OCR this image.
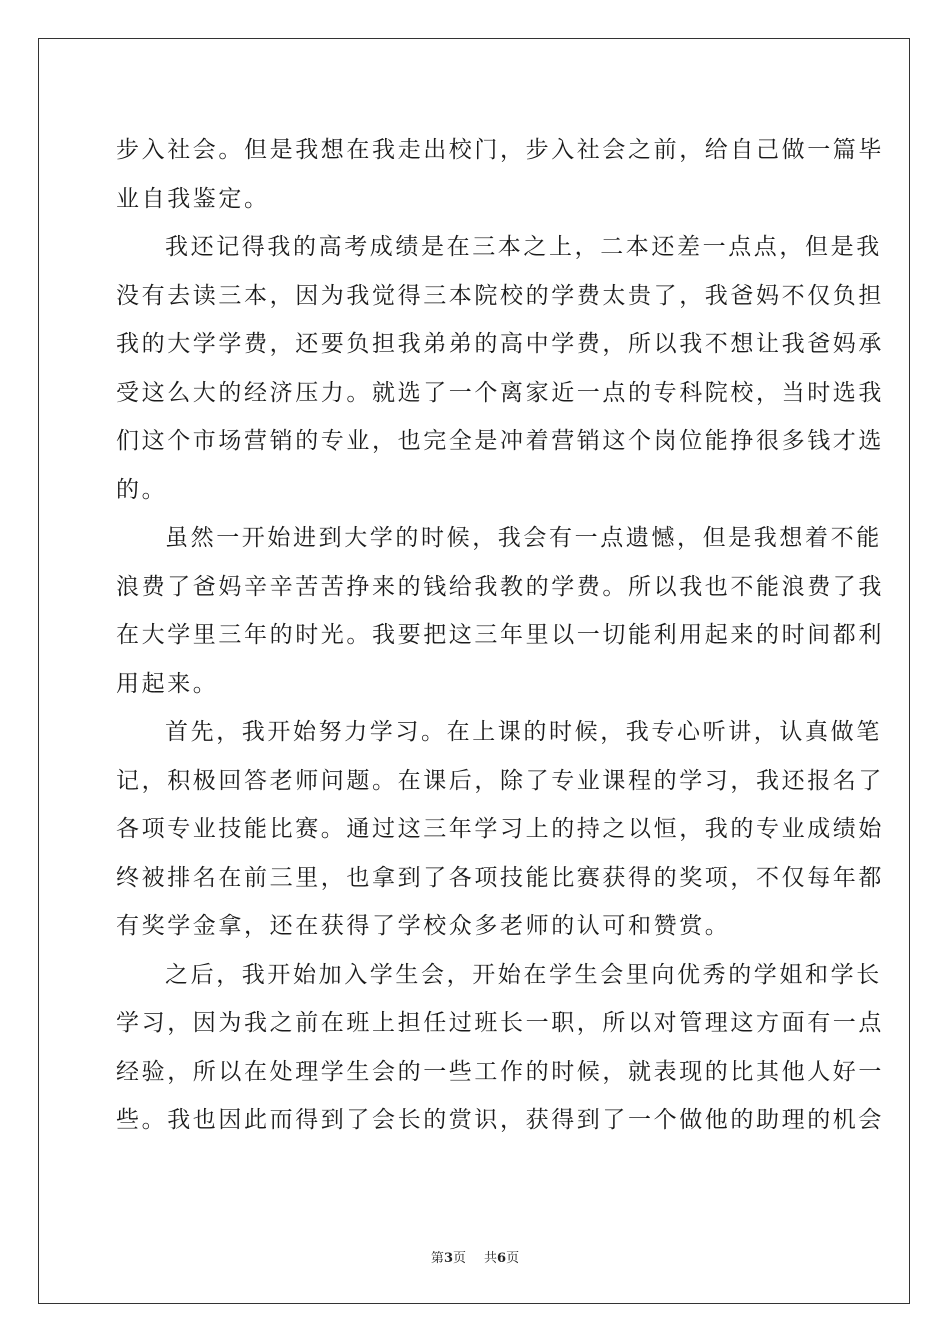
步入社会。但是我想在我走出校门，步入社会之前，给自己做一篇毕
业自我鉴定。
我还记得我的高考成绩是在三本之上，二本还差一点点，但是我
没有去读三本，因为我觉得三本院校的学费太贵了，我爸妈不仅负担
我的大学学费，还要负担我弟弟的高中学费，所以我不想让我爸妈承
受这么大的经济压力。就选了一个离家近一点的专科院校，当时选我
们这个市场营销的专业，也完全是冲着营销这个岗位能挣很多钱才选
的。
虽然一开始进到大学的时候，我会有一点遗憾，但是我想着不能
浪费了爸妈辛辛苦苦挣来的钱给我教的学费。所以我也不能浪费了我
在大学里三年的时光。我要把这三年里以一切能利用起来的时间都利
用起来。
首先，我开始努力学习。在上课的时候，我专心听讲，认真做笔
记，积极回答老师问题。在课后，除了专业课程的学习，我还报名了
各项专业技能比赛。通过这三年学习上的持之以恒，我的专业成绩始
终被排名在前三里，也拿到了各项技能比赛获得的奖项，不仅每年都
有奖学金拿，还在获得了学校众多老师的认可和赞赏。
之后，我开始加入学生会，开始在学生会里向优秀的学姐和学长
学习，因为我之前在班上担任过班长一职，所以对管理这方面有一点
经验，所以在处理学生会的一些工作的时候，就表现的比其他人好一
些。我也因此而得到了会长的赏识，获得到了一个做他的助理的机会
第3页 共6页
